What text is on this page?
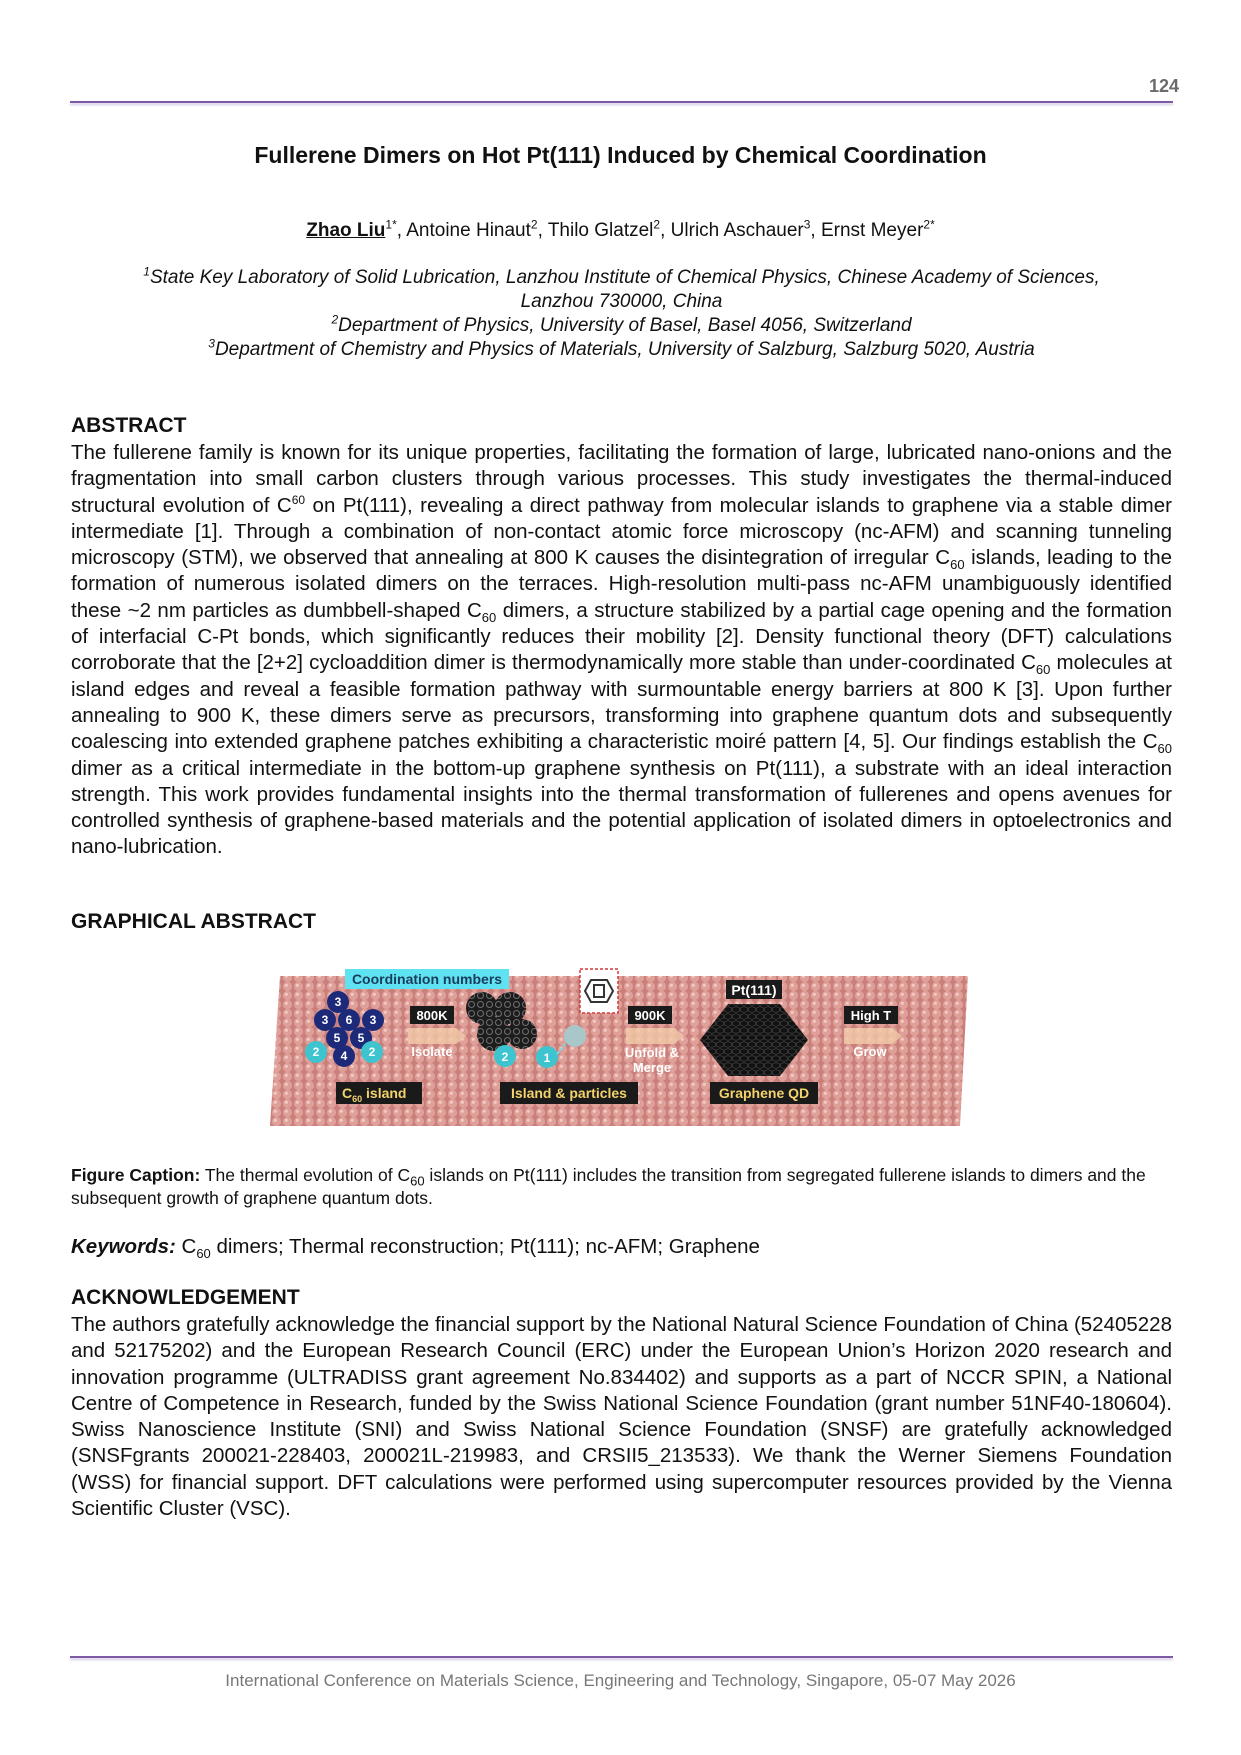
124
Fullerene Dimers on Hot Pt(111) Induced by Chemical Coordination
Zhao Liu$^{1*}$, Antoine Hinaut$^2$, Thilo Glatzel$^2$, Ulrich Aschauer$^3$, Ernst Meyer$^{2*}$
$^1$State Key Laboratory of Solid Lubrication, Lanzhou Institute of Chemical Physics, Chinese Academy of Sciences,
Lanzhou 730000, China
$^2$Department of Physics, University of Basel, Basel 4056, Switzerland
$^3$Department of Chemistry and Physics of Materials, University of Salzburg, Salzburg 5020, Austria
ABSTRACT
The fullerene family is known for its unique properties, facilitating the formation of large, lubricated nano-onions and the fragmentation into small carbon clusters through various processes. This study investigates the thermal-induced structural evolution of $C^{60}$ on Pt(111), revealing a direct pathway from molecular islands to graphene via a stable dimer intermediate [1]. Through a combination of non-contact atomic force microscopy (nc-AFM) and scanning tunneling microscopy (STM), we observed that annealing at 800 K causes the disintegration of irregular $C_{60}$ islands, leading to the formation of numerous isolated dimers on the terraces. High-resolution multi-pass nc-AFM unambiguously identified these ~2 nm particles as dumbbell-shaped $C_{60}$ dimers, a structure stabilized by a partial cage opening and the formation of interfacial C-Pt bonds, which significantly reduces their mobility [2]. Density functional theory (DFT) calculations corroborate that the [2+2] cycloaddition dimer is thermodynamically more stable than under-coordinated $C_{60}$ molecules at island edges and reveal a feasible formation pathway with surmountable energy barriers at 800 K [3]. Upon further annealing to 900 K, these dimers serve as precursors, transforming into graphene quantum dots and subsequently coalescing into extended graphene patches exhibiting a characteristic moiré pattern [4, 5]. Our findings establish the $C_{60}$ dimer as a critical intermediate in the bottom-up graphene synthesis on Pt(111), a substrate with an ideal interaction strength. This work provides fundamental insights into the thermal transformation of fullerenes and opens avenues for controlled synthesis of graphene-based materials and the potential application of isolated dimers in optoelectronics and nano-lubrication.
GRAPHICAL ABSTRACT
Coordination numbers
3
3	3
6
5 5
2 4 2
800K
Isolate	2	1
900K
Unfold &
Merge
Pt(111)
High T
Grow
$C_{60}$ island	Island & particles	Graphene QD
Figure Caption: The thermal evolution of $C_{60}$ islands on Pt(111) includes the transition from segregated fullerene islands to dimers and the subsequent growth of graphene quantum dots.
Keywords: $C_{60}$ dimers; Thermal reconstruction; Pt(111); nc-AFM; Graphene
ACKNOWLEDGEMENT
The authors gratefully acknowledge the financial support by the National Natural Science Foundation of China (52405228 and 52175202) and the European Research Council (ERC) under the European Union’s Horizon 2020 research and innovation programme (ULTRADISS grant agreement No.834402) and supports as a part of NCCR SPIN, a National Centre of Competence in Research, funded by the Swiss National Science Foundation (grant number 51NF40-180604). Swiss Nanoscience Institute (SNI) and Swiss National Science Foundation (SNSF) are gratefully acknowledged (SNSFgrants 200021-228403, 200021L-219983, and CRSII5_213533). We thank the Werner Siemens Foundation (WSS) for financial support. DFT calculations were performed using supercomputer resources provided by the Vienna Scientific Cluster (VSC).
International Conference on Materials Science, Engineering and Technology, Singapore, 05-07 May 2026
